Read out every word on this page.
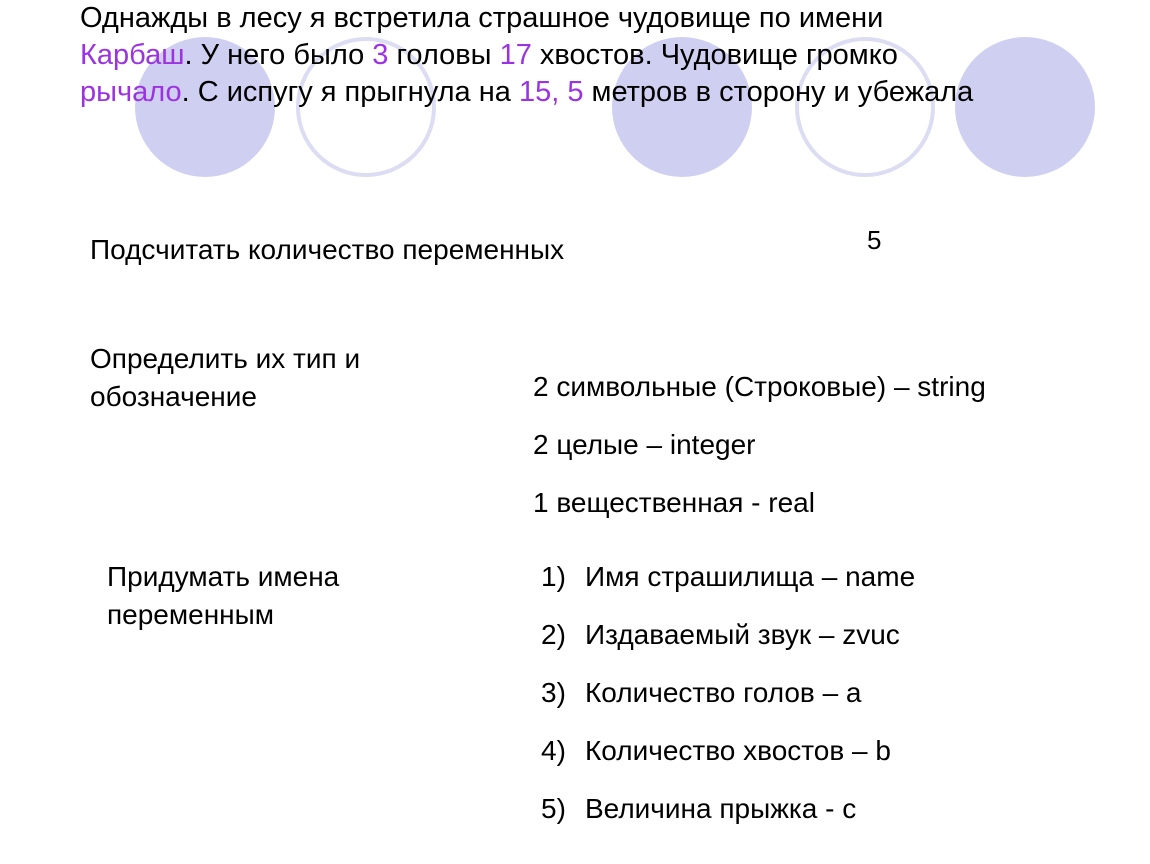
Однажды в лесу я встретила страшное чудовище по имени
Карбаш. У него было 3 головы 17 хвостов. Чудовище громко
рычало. С испугу я прыгнула на 15, 5 метров в сторону и убежала

Подсчитать количество переменных	5

Определить их тип и обозначение	2 символьные (Строковые) – string
2 целые – integer
1 вещественная - real

Придумать имена переменным

1) Имя страшилища – name
2) Издаваемый звук – zvuc
3) Количество голов – a
4) Количество хвостов – b
5) Величина прыжка - c
